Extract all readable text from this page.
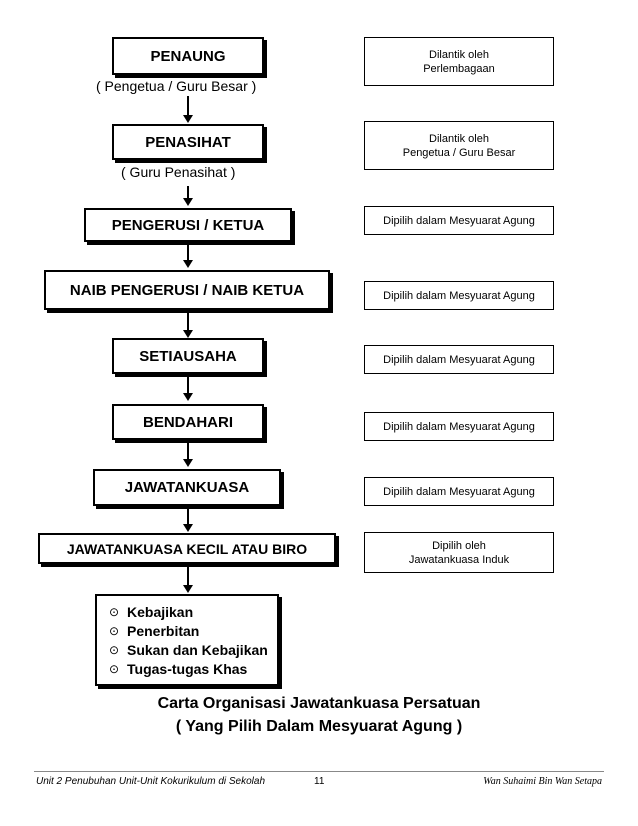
PENAUNG
( Pengetua / Guru Besar )
PENASIHAT
( Guru Penasihat )
PENGERUSI / KETUA
NAIB PENGERUSI / NAIB KETUA
SETIAUSAHA
BENDAHARI
JAWATANKUASA
JAWATANKUASA KECIL ATAU BIRO
⊙ Kebajikan
⊙ Penerbitan
⊙ Sukan dan Kebajikan
⊙ Tugas-tugas Khas
Dilantik oleh
Perlembagaan
Dilantik oleh
Pengetua / Guru Besar
Dipilih dalam Mesyuarat Agung
Dipilih dalam Mesyuarat Agung
Dipilih dalam Mesyuarat Agung
Dipilih dalam Mesyuarat Agung
Dipilih dalam Mesyuarat Agung
Dipilih oleh
Jawatankuasa Induk
Carta Organisasi Jawatankuasa Persatuan
( Yang Pilih Dalam Mesyuarat Agung )
Unit 2 Penubuhan Unit-Unit Kokurikulum di Sekolah	11	Wan Suhaimi Bin Wan Setapa
